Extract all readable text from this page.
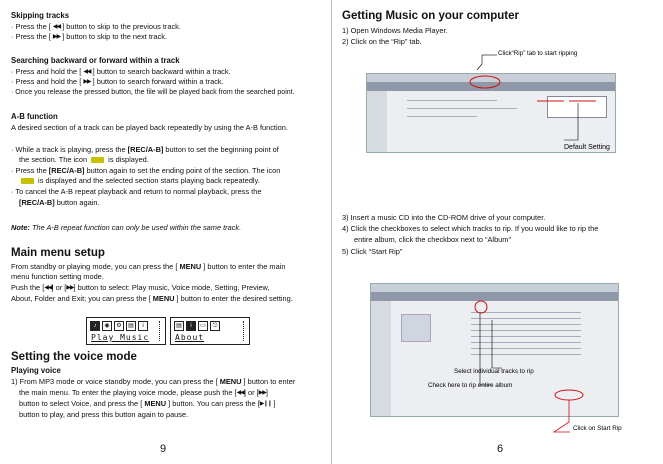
Skipping tracks
· Press the [ ◀◀ ] button to skip to the previous track.
· Press the [ ▶▶ ] button to skip to the next track.
Searching backward or forward within a track
· Press and hold the [ ◀◀ ] button to search backward within a track.
· Press and hold the [ ▶▶ ] button to search forward within a track.
· Once you release the pressed button, the file will be played back from the searched point.
A-B function
A desired section of a track can be played back repeatedly by using the A-B function.
· While a track is playing, press the [REC/A-B] button to set the beginning point of
the section. The icon  is displayed.
· Press the [REC/A-B] button again to set the ending point of the section. The icon
is displayed and the selected section starts playing back repeatedly.
· To cancel the A-B repeat playback and return to normal playback, press the
[REC/A-B] button again.
Note: The A-B repeat function can only be used within the same track.
Main menu setup
From standby or playing mode, you can press the [ MENU ] button to enter the main
menu function setting mode.
Push the [◀◀] or [▶▶] button to select: Play music, Voice mode, Setting, Preview,
About, Folder and Exit; you can press the [ MENU ] button to enter the desired setting.
♪	◉	⚙	▤	i
Play Music
▤	i	▭	⎋
About
Setting the voice mode
Playing voice
1) From MP3 mode or voice standby mode, you can press the [ MENU ] button to enter
the main menu. To enter the playing voice mode, please push the [◀◀] or [▶▶]
button to select Voice, and press the [ MENU ] button. You can press the [▶❙❙ ]
button to play, and press this button again to pause.
9
Getting Music on your computer
1) Open Windows Media Player.
2) Click on the “Rip” tab.
Click“Rip” tab to start ripping
Default Setting
3) Insert a music CD into the CD-ROM drive of your computer.
4) Click the checkboxes to select which tracks to rip. If you would like to rip the
entire album, click the checkbox next to “Album”
5) Click “Start Rip”
Select individual tracks to rip
Check here to rip entire album
Click on Start Rip
6
